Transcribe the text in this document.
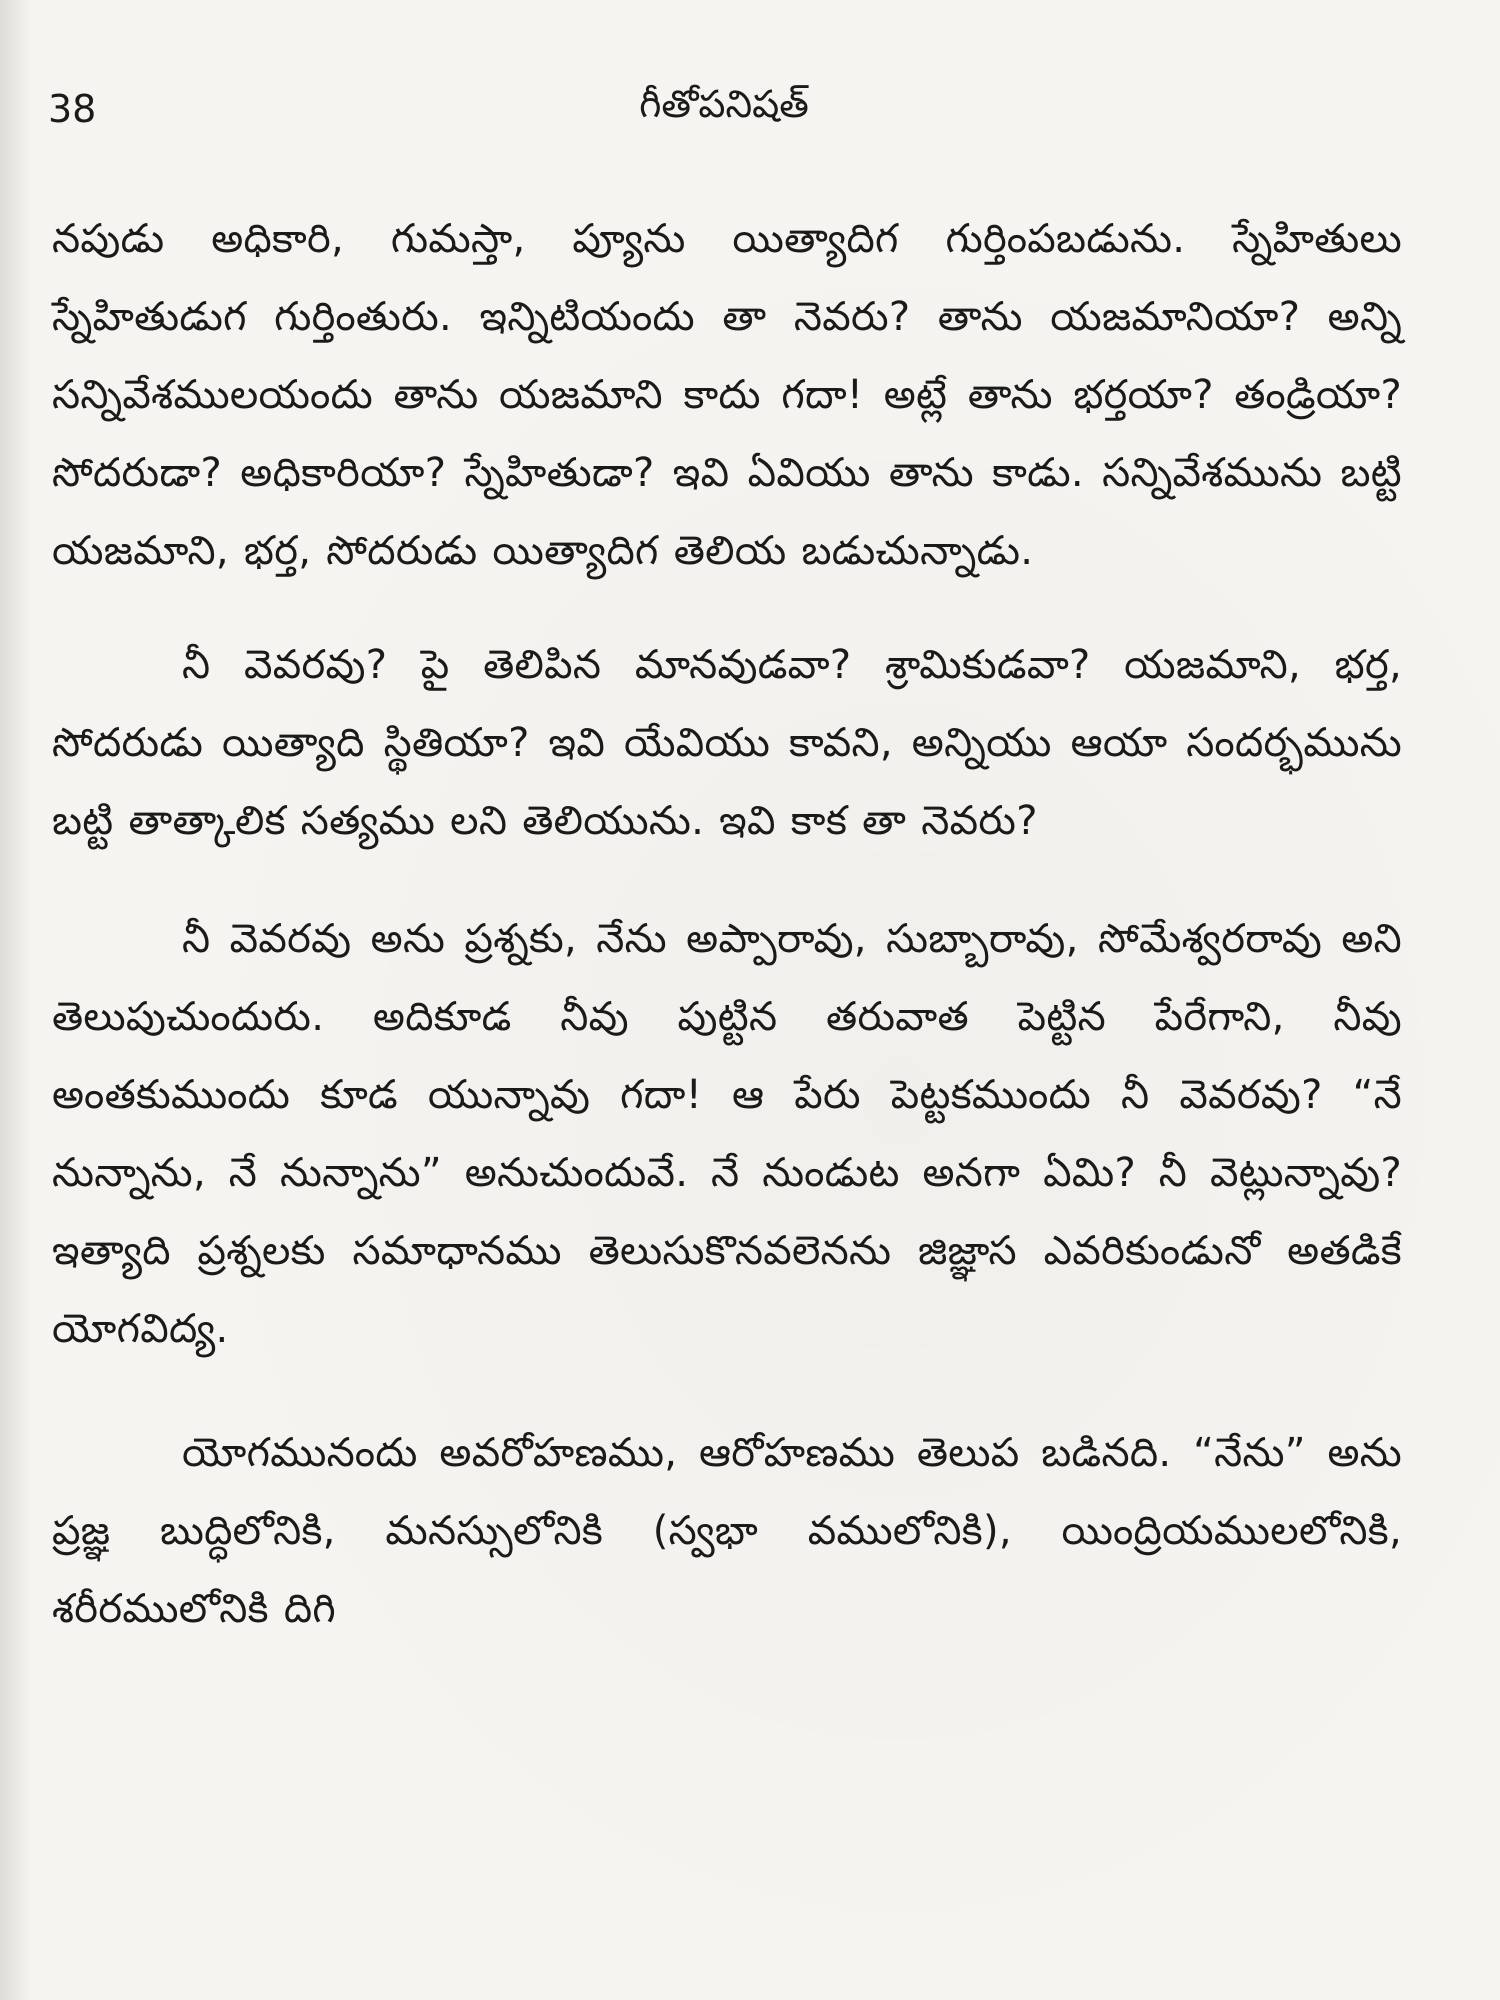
38	గీతోపనిషత్

నపుడు అధికారి, గుమస్తా, ప్యూను యిత్యాదిగ గుర్తింపబడును. స్నేహితులు స్నేహితుడుగ గుర్తింతురు. ఇన్నిటియందు తా నెవరు? తాను యజమానియా? అన్ని సన్నివేశములయందు తాను యజమాని కాదు గదా! అట్లే తాను భర్తయా? తండ్రియా? సోదరుడా? అధికారియా? స్నేహితుడా? ఇవి ఏవియు తాను కాడు. సన్నివేశమును బట్టి యజమాని, భర్త, సోదరుడు యిత్యాదిగ తెలియ బడుచున్నాడు.

నీ వెవరవు? పై తెలిపిన మానవుడవా? శ్రామికుడవా? యజమాని, భర్త, సోదరుడు యిత్యాది స్థితియా? ఇవి యేవియు కావని, అన్నియు ఆయా సందర్భమును బట్టి తాత్కాలిక సత్యము లని తెలియును. ఇవి కాక తా నెవరు?

నీ వెవరవు అను ప్రశ్నకు, నేను అప్పారావు, సుబ్బారావు, సోమేశ్వరరావు అని తెలుపుచుందురు. అదికూడ నీవు పుట్టిన తరువాత పెట్టిన పేరేగాని, నీవు అంతకుముందు కూడ యున్నావు గదా! ఆ పేరు పెట్టకముందు నీ వెవరవు? “నే నున్నాను, నే నున్నాను” అనుచుందువే. నే నుండుట అనగా ఏమి? నీ వెట్లున్నావు? ఇత్యాది ప్రశ్నలకు సమాధానము తెలుసుకొనవలెనను జిజ్ఞాస ఎవరికుండునో అతడికే యోగవిద్య.

యోగమునందు అవరోహణము, ఆరోహణము తెలుప బడినది. “నేను” అను ప్రజ్ఞ బుద్ధిలోనికి, మనస్సులోనికి (స్వభా వములోనికి), యింద్రియములలోనికి, శరీరములోనికి దిగి
